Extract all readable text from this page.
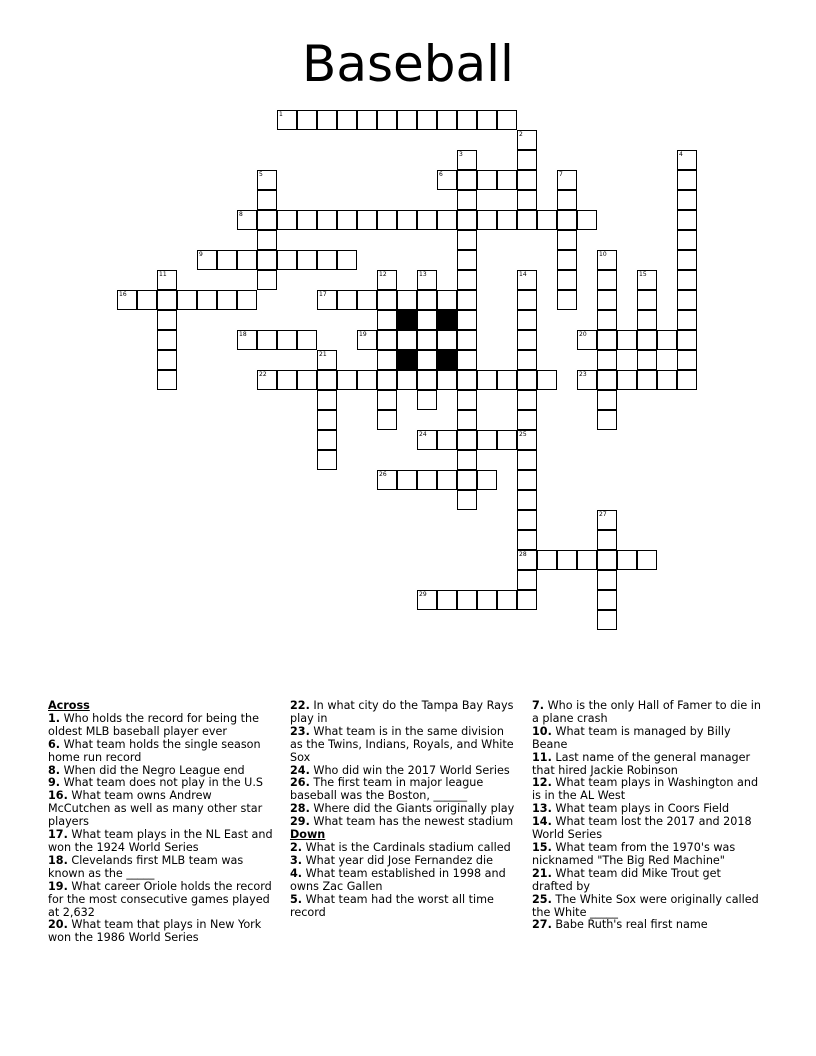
Baseball
1
2
3	4
5	6	7
8
9	10
11	12	13	14	15
16	17
18	19	20
21
22	23
24	25
28
26
27
29

Across

1. Who holds the record for being the oldest MLB baseball player ever

6. What team holds the single season home run record

8. When did the Negro League end

9. What team does not play in the U.S

16. What team owns Andrew McCutchen as well as many other star players

17. What team plays in the NL East and won the 1924 World Series

18. Clevelands first MLB team was known as the _____

19. What career Oriole holds the record for the most consecutive games played at 2,632

20. What team that plays in New York won the 1986 World Series

22. In what city do the Tampa Bay Rays play in

23. What team is in the same division as the Twins, Indians, Royals, and White Sox

24. Who did win the 2017 World Series

26. The first team in major league baseball was the Boston, ______

28. Where did the Giants originally play

29. What team has the newest stadium

Down

2. What is the Cardinals stadium called

3. What year did Jose Fernandez die

4. What team established in 1998 and owns Zac Gallen

5. What team had the worst all time record

7. Who is the only Hall of Famer to die in a plane crash

10. What team is managed by Billy Beane

11. Last name of the general manager that hired Jackie Robinson

12. What team plays in Washington and is in the AL West

13. What team plays in Coors Field

14. What team lost the 2017 and 2018 World Series

15. What team from the 1970's was nicknamed "The Big Red Machine"

21. What team did Mike Trout get drafted by

25. The White Sox were originally called the White _____

27. Babe Ruth's real first name
